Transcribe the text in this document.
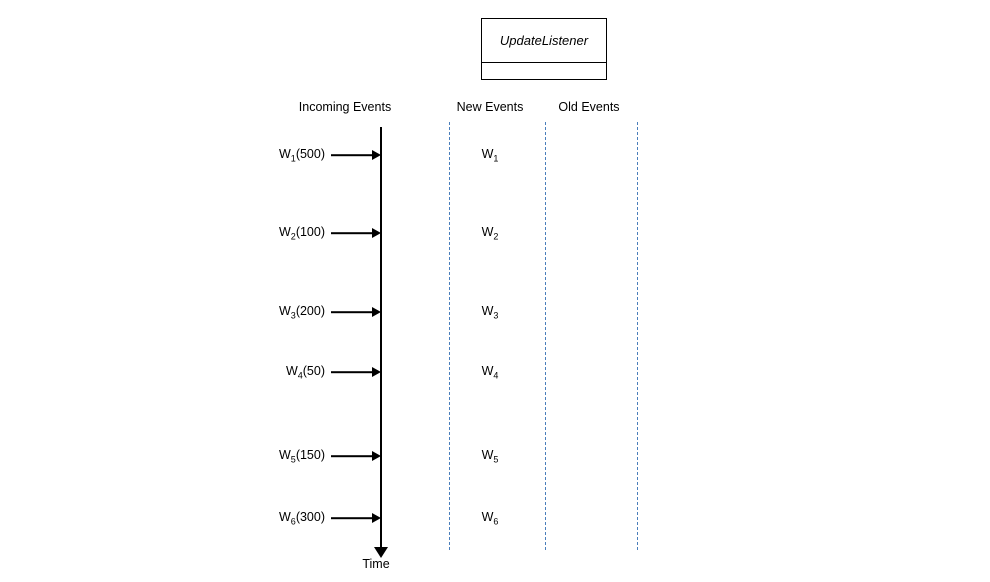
UpdateListener
Incoming Events	New Events	Old Events
Time
$W_1(500)$	$W_1$
$W_2(100)$	$W_2$
$W_3(200)$	$W_3$
$W_4(50)$	$W_4$
$W_5(150)$	$W_5$
$W_6(300)$	$W_6$
